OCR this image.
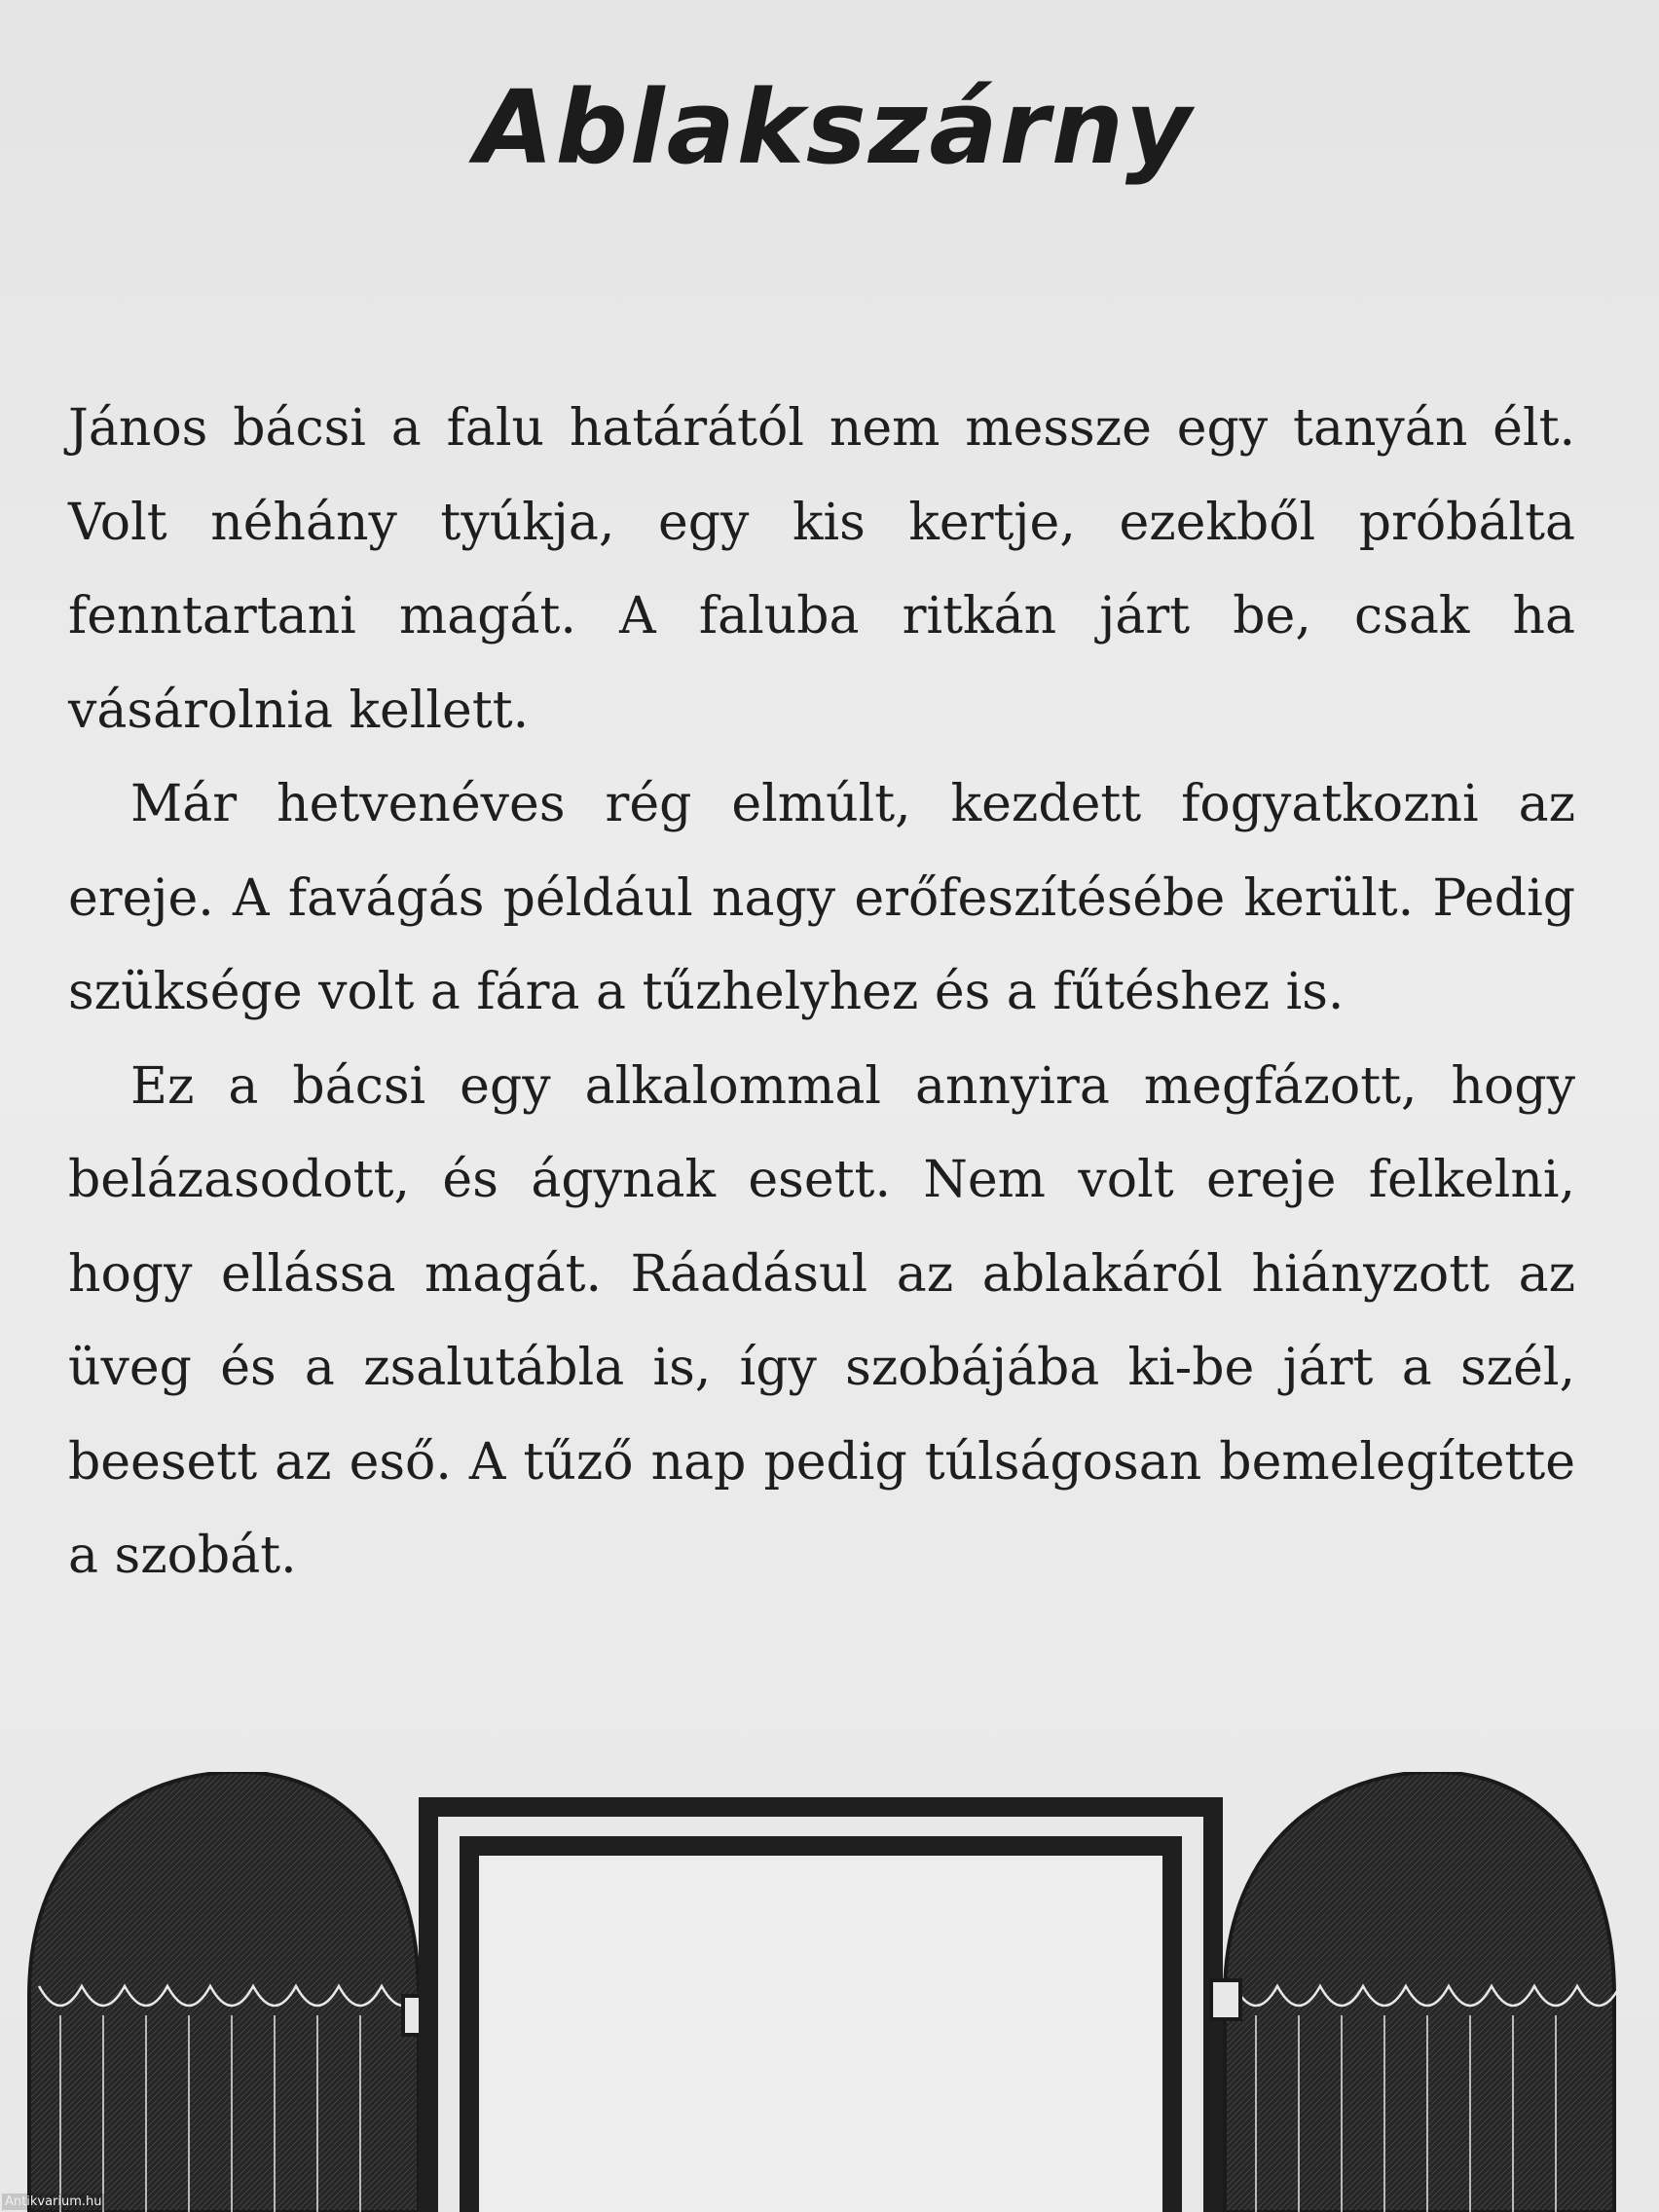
Ablakszárny

János bácsi a falu határától nem messze egy tanyán élt. Volt néhány tyúkja, egy kis kertje, ezekből próbálta fenntartani magát. A faluba ritkán járt be, csak ha vásárolnia kellett.

Már hetvenéves rég elmúlt, kezdett fogyatkozni az ereje. A favágás például nagy erőfeszítésébe került. Pedig szüksége volt a fára a tűzhelyhez és a fűtéshez is.

Ez a bácsi egy alkalommal annyira megfázott, hogy belázasodott, és ágynak esett. Nem volt ereje felkelni, hogy ellássa magát. Ráadásul az ablakáról hiányzott az üveg és a zsalutábla is, így szobájába ki-be járt a szél, beesett az eső. A tűző nap pedig túlságosan bemelegítette a szobát.

Antikvarium.hu
